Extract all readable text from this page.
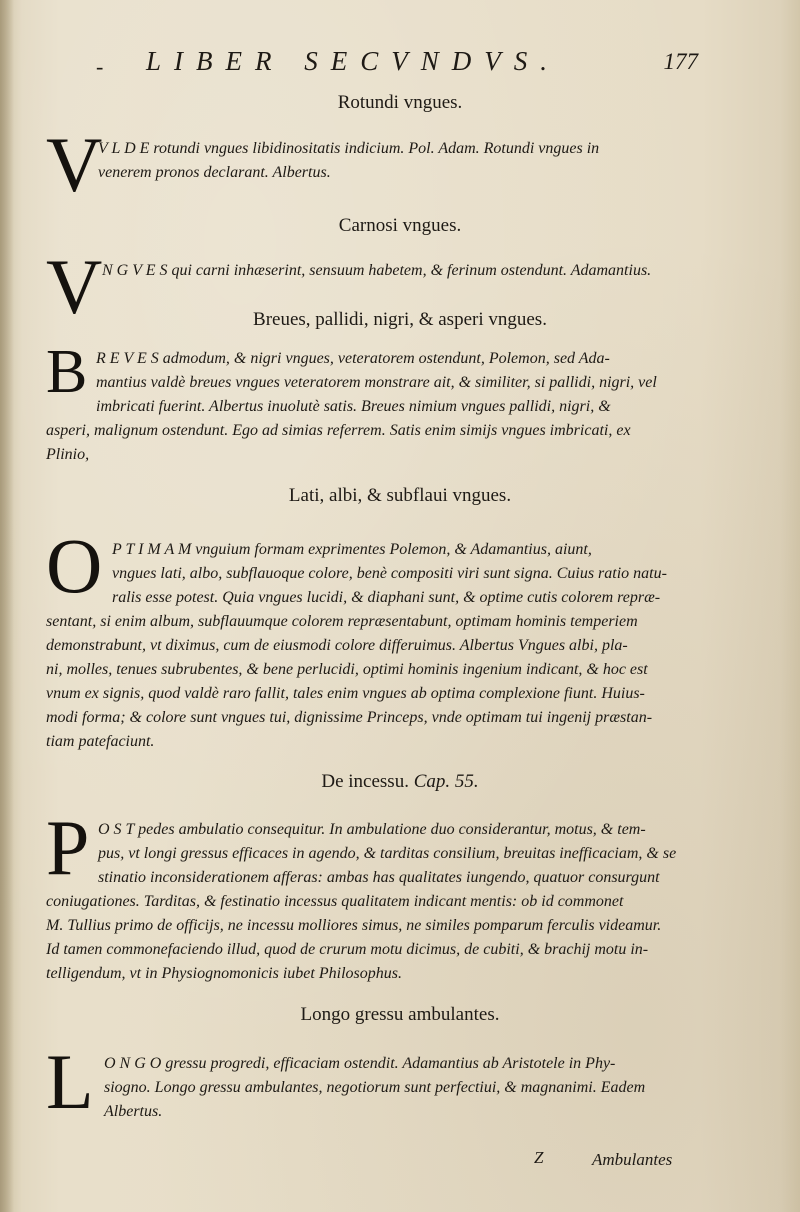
- LIBER SECVNDVS.	177
Rotundi vngues.
V
V L D E rotundi vngues libidinositatis indicium. Pol. Adam. Rotundi vngues in
venerem pronos declarant. Albertus.
Carnosi vngues.
V N G V E S qui carni inhæserint, sensuum habetem, & ferinum ostendunt. Adamantius.
Breues, pallidi, nigri, & asperi vngues.
B R E V E S admodum, & nigri vngues, veteratorem ostendunt, Polemon, sed Ada-
mantius valdè breues vngues veteratorem monstrare ait, & similiter, si pallidi, nigri, vel
imbricati fuerint. Albertus inuolutè satis. Breues nimium vngues pallidi, nigri, &
asperi, malignum ostendunt. Ego ad simias referrem. Satis enim simijs vngues imbricati, ex
Plinio,
Lati, albi, & subflaui vngues.
O P T I M A M vnguium formam exprimentes Polemon, & Adamantius, aiunt,
vngues lati, albo, subflauoque colore, benè compositi viri sunt signa. Cuius ratio natu-
ralis esse potest. Quia vngues lucidi, & diaphani sunt, & optime cutis colorem repræ-
sentant, si enim album, subflauumque colorem repræsentabunt, optimam hominis temperiem
demonstrabunt, vt diximus, cum de eiusmodi colore differuimus. Albertus Vngues albi, pla-
ni, molles, tenues subrubentes, & bene perlucidi, optimi hominis ingenium indicant, & hoc est
vnum ex signis, quod valdè raro fallit, tales enim vngues ab optima complexione fiunt. Huius-
modi forma; & colore sunt vngues tui, dignissime Princeps, vnde optimam tui ingenij præstan-
tiam patefaciunt.
De incessu. Cap. 55.
P O S T pedes ambulatio consequitur. In ambulatione duo considerantur, motus, & tem-
pus, vt longi gressus efficaces in agendo, & tarditas consilium, breuitas inefficaciam, & se
stinatio inconsiderationem afferas: ambas has qualitates iungendo, quatuor consurgunt
coniugationes. Tarditas, & festinatio incessus qualitatem indicant mentis: ob id commonet
M. Tullius primo de officijs, ne incessu molliores simus, ne similes pomparum ferculis videamur.
Id tamen commonefaciendo illud, quod de crurum motu dicimus, de cubiti, & brachij motu in-
telligendum, vt in Physiognomonicis iubet Philosophus.
Longo gressu ambulantes.
L O N G O gressu progredi, efficaciam ostendit. Adamantius ab Aristotele in Phy-
siogno. Longo gressu ambulantes, negotiorum sunt perfectiui, & magnanimi. Eadem
Albertus.
Z	Ambulantes
